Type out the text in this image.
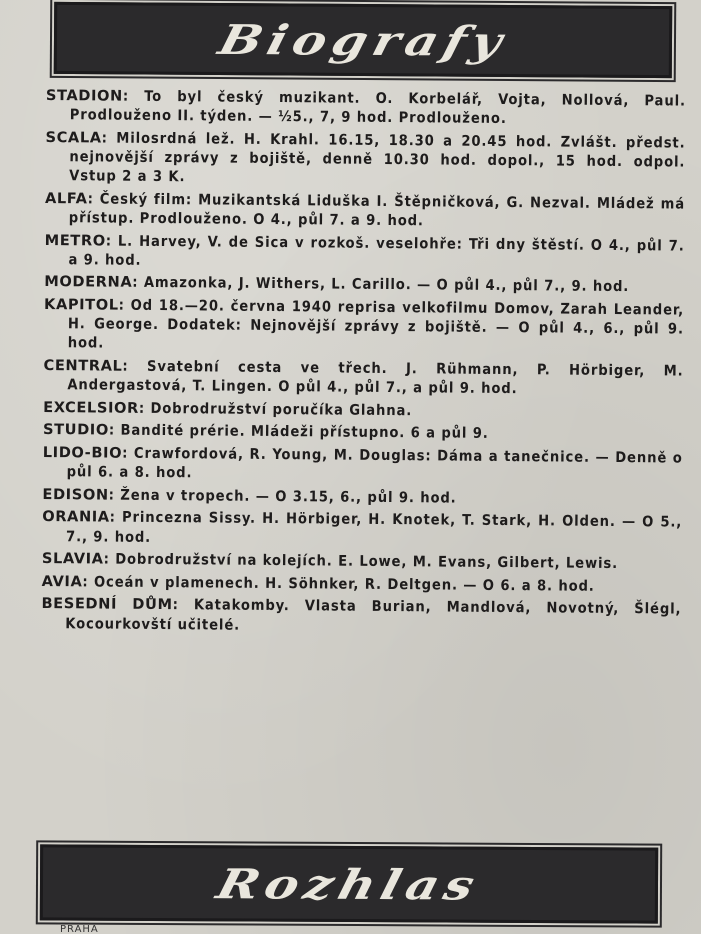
Biografy

STADION: To byl český muzikant. O. Korbelář, Vojta, Nollová, Paul. Prodlouženo II. týden. — ½5., 7, 9 hod. Prodlouženo.

SCALA: Milosrdná lež. H. Krahl. 16.15, 18.30 a 20.45 hod. Zvlášt. předst. nejnovější zprávy z bojiště, denně 10.30 hod. dopol., 15 hod. odpol. Vstup 2 a 3 K.

ALFA: Český film: Muzikantská Liduška I. Štěpničková, G. Nezval. Mládež má přístup. Prodlouženo. O 4., půl 7. a 9. hod.

METRO: L. Harvey, V. de Sica v rozkoš. veselohře: Tři dny štěstí. O 4., půl 7. a 9. hod.

MODERNA: Amazonka, J. Withers, L. Carillo. — O půl 4., půl 7., 9. hod.

KAPITOL: Od 18.—20. června 1940 reprisa velkofilmu Domov, Zarah Leander, H. George. Dodatek: Nejnovější zprávy z bojiště. — O půl 4., 6., půl 9. hod.

CENTRAL: Svatební cesta ve třech. J. Rühmann, P. Hörbiger, M. Andergastová, T. Lingen. O půl 4., půl 7., a půl 9. hod.

EXCELSIOR: Dobrodružství poručíka Glahna.

STUDIO: Bandité prérie. Mládeži přístupno. 6 a půl 9.

LIDO-BIO: Crawfordová, R. Young, M. Douglas: Dáma a tanečnice. — Denně o půl 6. a 8. hod.

EDISON: Žena v tropech. — O 3.15, 6., půl 9. hod.

ORANIA: Princezna Sissy. H. Hörbiger, H. Knotek, T. Stark, H. Olden. — O 5., 7., 9. hod.

SLAVIA: Dobrodružství na kolejích. E. Lowe, M. Evans, Gilbert, Lewis.

AVIA: Oceán v plamenech. H. Söhnker, R. Deltgen. — O 6. a 8. hod.

BESEDNÍ DŮM: Katakomby. Vlasta Burian, Mandlová, Novotný, Šlégl, Kocourkovští učitelé.

Rozhlas
PRAHA
